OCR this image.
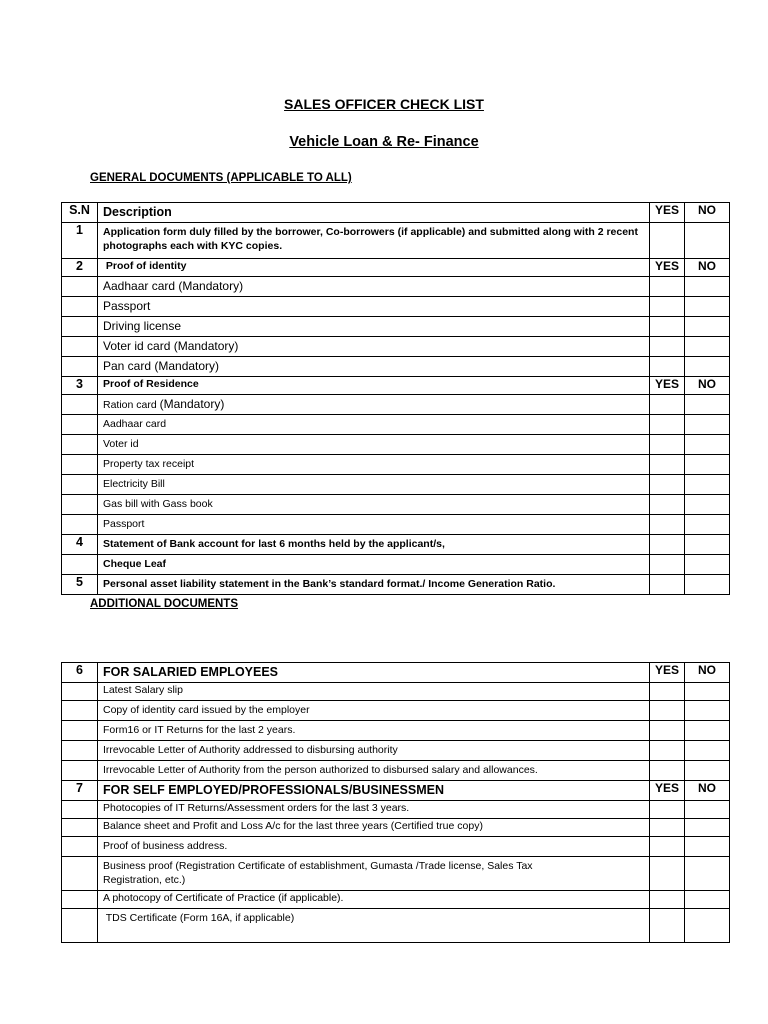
SALES OFFICER CHECK LIST
Vehicle Loan & Re- Finance
GENERAL DOCUMENTS (APPLICABLE TO ALL)
S.N	Description	YES	NO
1	Application form duly filled by the borrower, Co-borrowers (if applicable) and submitted along with 2 recent photographs each with KYC copies.		
2	Proof of identity	YES	NO
	Aadhaar card (Mandatory)		
	Passport		
	Driving license		
	Voter id card (Mandatory)		
	Pan card (Mandatory)		
3	Proof of Residence	YES	NO
	Ration card (Mandatory)		
	Aadhaar card		
	Voter id		
	Property tax receipt		
	Electricity Bill		
	Gas bill with Gass book		
	Passport		
4	Statement of Bank account for last 6 months held by the applicant/s,		
	Cheque Leaf		
5	Personal asset liability statement in the Bank’s standard format./ Income Generation Ratio.		
ADDITIONAL DOCUMENTS
6	FOR SALARIED EMPLOYEES	YES	NO
	Latest Salary slip		
	Copy of identity card issued by the employer		
	Form16 or IT Returns for the last 2 years.		
	Irrevocable Letter of Authority addressed to disbursing authority		
	Irrevocable Letter of Authority from the person authorized to disbursed salary and allowances.		
7	FOR SELF EMPLOYED/PROFESSIONALS/BUSINESSMEN	YES	NO
	Photocopies of IT Returns/Assessment orders for the last 3 years.		
	Balance sheet and Profit and Loss A/c for the last three years (Certified true copy)		
	Proof of business address.		
	Business proof (Registration Certificate of establishment, Gumasta /Trade license, Sales Tax Registration, etc.)		
	A photocopy of Certificate of Practice (if applicable).		
	TDS Certificate (Form 16A, if applicable)		
